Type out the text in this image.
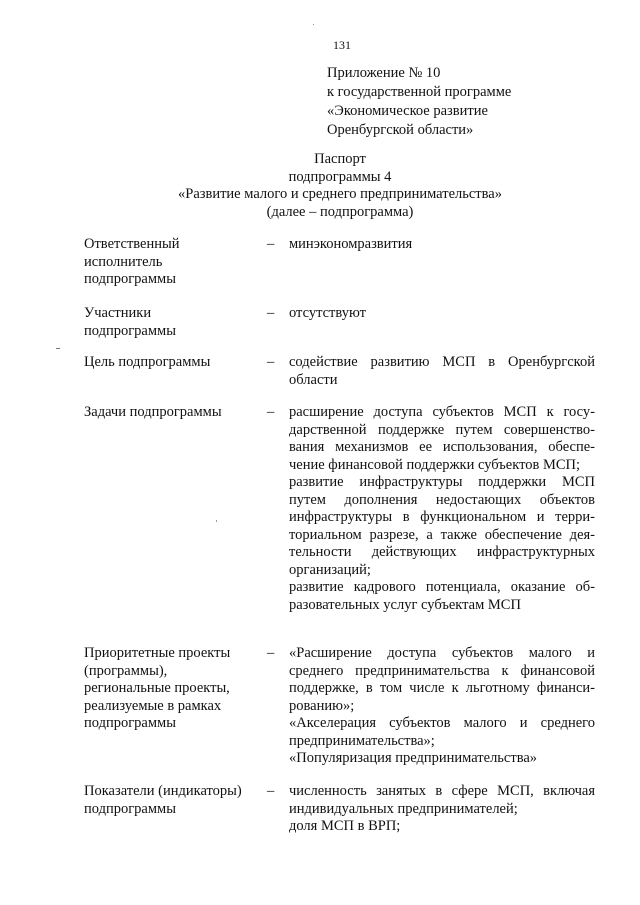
131
Приложение № 10
к государственной программе
«Экономическое развитие
Оренбургской области»
Паспорт
подпрограммы 4
«Развитие малого и среднего предпринимательства»
(далее – подпрограмма)
Ответственный
исполнитель
подпрограммы
– минэкономразвития

Участники
подпрограммы
– отсутствуют

Цель подпрограммы	– содействие развитию МСП в Оренбургской области

Задачи подпрограммы	– расширение доступа субъектов МСП к госу-дарственной поддержке путем совершенство-вания механизмов ее использования, обеспе-чение финансовой поддержки субъектов МСП;

развитие инфраструктуры поддержки МСП путем дополнения недостающих объектов инфраструктуры в функциональном и терри-ториальном разрезе, а также обеспечение дея-тельности действующих инфраструктурных организаций;

развитие кадрового потенциала, оказание об-разовательных услуг субъектам МСП

Приоритетные проекты
(программы),
региональные проекты,
реализуемые в рамках
подпрограммы
– «Расширение доступа субъектов малого и среднего предпринимательства к финансовой поддержке, в том числе к льготному финанси-рованию»;

«Акселерация субъектов малого и среднего предпринимательства»;

«Популяризация предпринимательства»

Показатели (индикаторы)
подпрограммы
– численность занятых в сфере МСП, включая индивидуальных предпринимателей;

доля МСП в ВРП;
